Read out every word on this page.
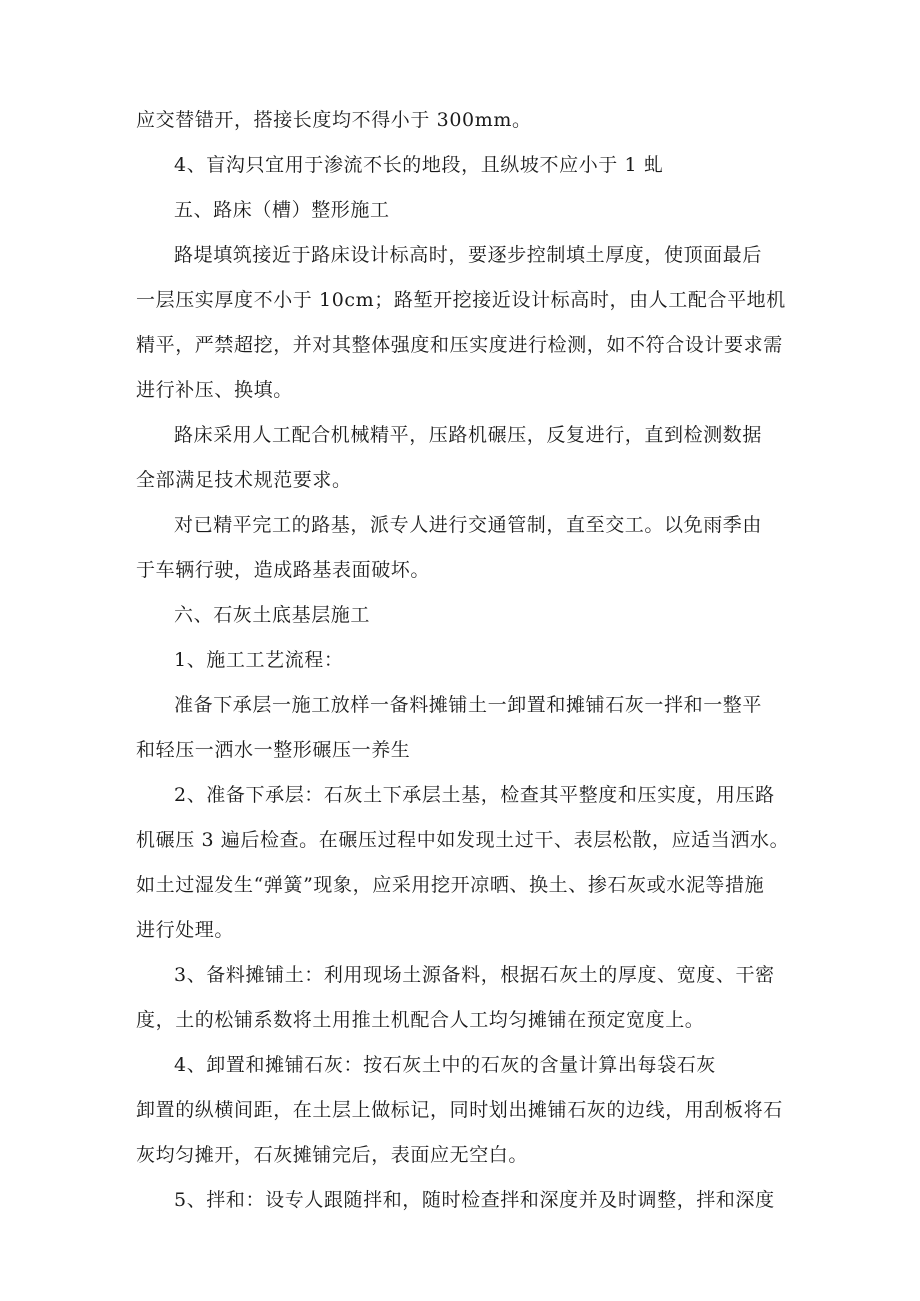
应交替错开，搭接长度均不得小于 300mm。
4、盲沟只宜用于渗流不长的地段，且纵坡不应小于 1 虬
五、路床（槽）整形施工
路堤填筑接近于路床设计标高时，要逐步控制填土厚度，使顶面最后
一层压实厚度不小于 10cm；路堑开挖接近设计标高时，由人工配合平地机
精平，严禁超挖，并对其整体强度和压实度进行检测，如不符合设计要求需
进行补压、换填。
路床采用人工配合机械精平，压路机碾压，反复进行，直到检测数据
全部满足技术规范要求。
对已精平完工的路基，派专人进行交通管制，直至交工。以免雨季由
于车辆行驶，造成路基表面破坏。
六、石灰土底基层施工
1、施工工艺流程：
准备下承层一施工放样一备料摊铺土一卸置和摊铺石灰一拌和一整平
和轻压一洒水一整形碾压一养生
2、准备下承层：石灰土下承层土基，检查其平整度和压实度，用压路
机碾压 3 遍后检查。在碾压过程中如发现土过干、表层松散，应适当洒水。
如土过湿发生“弹簧”现象，应采用挖开凉晒、换土、掺石灰或水泥等措施
进行处理。
3、备料摊铺土：利用现场土源备料，根据石灰土的厚度、宽度、干密
度，土的松铺系数将土用推土机配合人工均匀摊铺在预定宽度上。
4、卸置和摊铺石灰：按石灰土中的石灰的含量计算出每袋石灰
卸置的纵横间距，在土层上做标记，同时划出摊铺石灰的边线，用刮板将石
灰均匀摊开，石灰摊铺完后，表面应无空白。
5、拌和：设专人跟随拌和，随时检查拌和深度并及时调整，拌和深度
